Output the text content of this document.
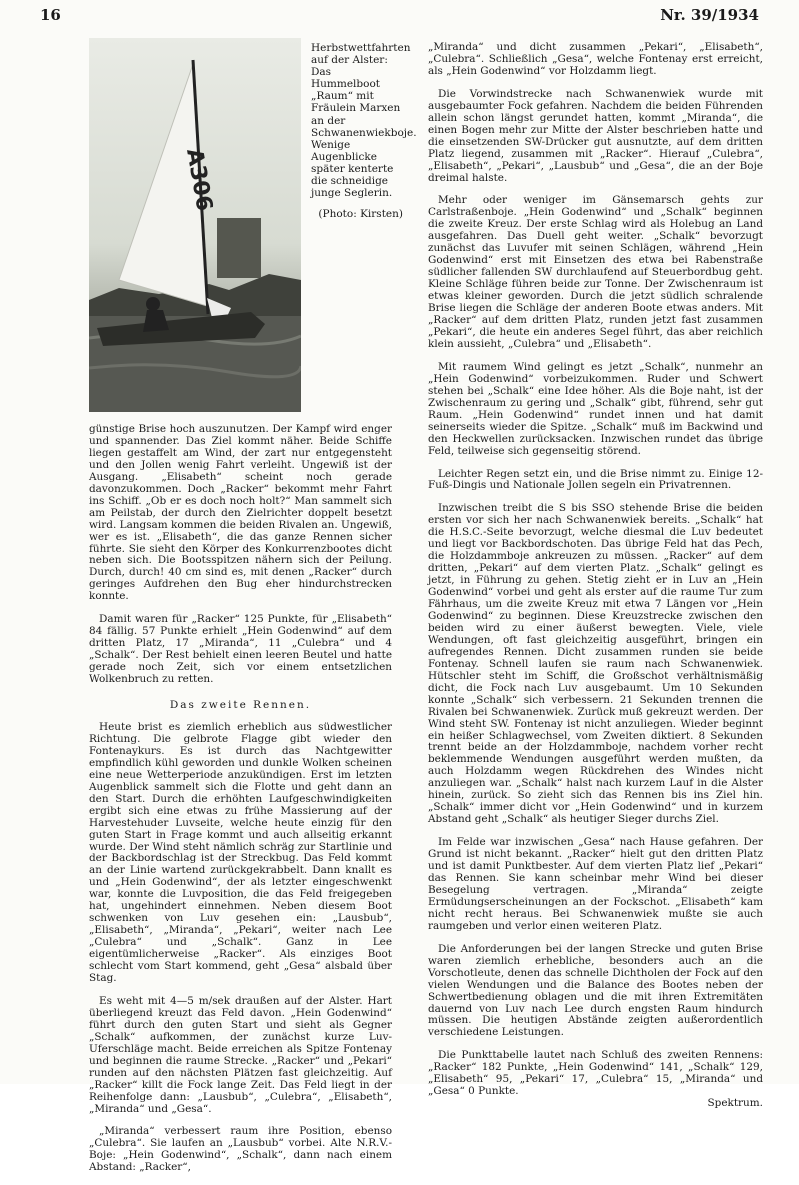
16	Nr. 39/1934
A306

Herbstwettfahrten auf der Alster: Das Hummelboot „Raum“ mit Fräulein Marxen an der Schwanenwiekboje. Wenige Augenblicke später kenterte die schneidige junge Seglerin.

(Photo: Kirsten)

günstige Brise hoch auszunutzen. Der Kampf wird enger und spannender. Das Ziel kommt näher. Beide Schiffe liegen gestaffelt am Wind, der zart nur entgegensteht und den Jollen wenig Fahrt verleiht. Ungewiß ist der Ausgang. „Elisabeth“ scheint noch gerade davonzukommen. Doch „Racker“ bekommt mehr Fahrt ins Schiff. „Ob er es doch noch holt?“ Man sammelt sich am Peilstab, der durch den Zielrichter doppelt besetzt wird. Langsam kommen die beiden Rivalen an. Ungewiß, wer es ist. „Elisabeth“, die das ganze Rennen sicher führte. Sie sieht den Körper des Konkurrenzbootes dicht neben sich. Die Bootsspitzen nähern sich der Peilung. Durch, durch! 40 cm sind es, mit denen „Racker“ durch geringes Aufdrehen den Bug eher hindurchstrecken konnte.

Damit waren für „Racker“ 125 Punkte, für „Elisabeth“ 84 fällig. 57 Punkte erhielt „Hein Godenwind“ auf dem dritten Platz, 17 „Miranda“, 11 „Culebra“ und 4 „Schalk“. Der Rest behielt einen leeren Beutel und hatte gerade noch Zeit, sich vor einem entsetzlichen Wolkenbruch zu retten.

Das zweite Rennen.

Heute brist es ziemlich erheblich aus südwestlicher Richtung. Die gelbrote Flagge gibt wieder den Fontenaykurs. Es ist durch das Nachtgewitter empfindlich kühl geworden und dunkle Wolken scheinen eine neue Wetterperiode anzukündigen. Erst im letzten Augenblick sammelt sich die Flotte und geht dann an den Start. Durch die erhöhten Laufgeschwindigkeiten ergibt sich eine etwas zu frühe Massierung auf der Harvestehuder Luvseite, welche heute einzig für den guten Start in Frage kommt und auch allseitig erkannt wurde. Der Wind steht nämlich schräg zur Startlinie und der Backbordschlag ist der Streckbug. Das Feld kommt an der Linie wartend zurückgekrabbelt. Dann knallt es und „Hein Godenwind“, der als letzter eingeschwenkt war, konnte die Luvposition, die das Feld freigegeben hat, ungehindert einnehmen. Neben diesem Boot schwenken von Luv gesehen ein: „Lausbub“, „Elisabeth“, „Miranda“, „Pekari“, weiter nach Lee „Culebra“ und „Schalk“. Ganz in Lee eigentümlicherweise „Racker“. Als einziges Boot schlecht vom Start kommend, geht „Gesa“ alsbald über Stag.

Es weht mit 4—5 m/sek draußen auf der Alster. Hart überliegend kreuzt das Feld davon. „Hein Godenwind“ führt durch den guten Start und sieht als Gegner „Schalk“ aufkommen, der zunächst kurze Luv-Uferschläge macht. Beide erreichen als Spitze Fontenay und beginnen die raume Strecke. „Racker“ und „Pekari“ runden auf den nächsten Plätzen fast gleichzeitig. Auf „Racker“ killt die Fock lange Zeit. Das Feld liegt in der Reihenfolge dann: „Lausbub“, „Culebra“, „Elisabeth“, „Miranda“ und „Gesa“.

„Miranda“ verbessert raum ihre Position, ebenso „Culebra“. Sie laufen an „Lausbub“ vorbei. Alte N.R.V.-Boje: „Hein Godenwind“, „Schalk“, dann nach einem Abstand: „Racker“,

„Miranda“ und dicht zusammen „Pekari“, „Elisabeth“, „Culebra“. Schließlich „Gesa“, welche Fontenay erst erreicht, als „Hein Godenwind“ vor Holzdamm liegt.

Die Vorwindstrecke nach Schwanenwiek wurde mit ausgebaumter Fock gefahren. Nachdem die beiden Führenden allein schon längst gerundet hatten, kommt „Miranda“, die einen Bogen mehr zur Mitte der Alster beschrieben hatte und die einsetzenden SW-Drücker gut ausnutzte, auf dem dritten Platz liegend, zusammen mit „Racker“. Hierauf „Culebra“, „Elisabeth“, „Pekari“, „Lausbub“ und „Gesa“, die an der Boje dreimal halste.

Mehr oder weniger im Gänsemarsch gehts zur Carlstraßenboje. „Hein Godenwind“ und „Schalk“ beginnen die zweite Kreuz. Der erste Schlag wird als Holebug an Land ausgefahren. Das Duell geht weiter. „Schalk“ bevorzugt zunächst das Luvufer mit seinen Schlägen, während „Hein Godenwind“ erst mit Einsetzen des etwa bei Rabenstraße südlicher fallenden SW durchlaufend auf Steuerbordbug geht. Kleine Schläge führen beide zur Tonne. Der Zwischenraum ist etwas kleiner geworden. Durch die jetzt südlich schralende Brise liegen die Schläge der anderen Boote etwas anders. Mit „Racker“ auf dem dritten Platz, runden jetzt fast zusammen „Pekari“, die heute ein anderes Segel führt, das aber reichlich klein aussieht, „Culebra“ und „Elisabeth“.

Mit raumem Wind gelingt es jetzt „Schalk“, nunmehr an „Hein Godenwind“ vorbeizukommen. Ruder und Schwert stehen bei „Schalk“ eine Idee höher. Als die Boje naht, ist der Zwischenraum zu gering und „Schalk“ gibt, führend, sehr gut Raum. „Hein Godenwind“ rundet innen und hat damit seinerseits wieder die Spitze. „Schalk“ muß im Backwind und den Heckwellen zurücksacken. Inzwischen rundet das übrige Feld, teilweise sich gegenseitig störend.

Leichter Regen setzt ein, und die Brise nimmt zu. Einige 12-Fuß-Dingis und Nationale Jollen segeln ein Privatrennen.

Inzwischen treibt die S bis SSO stehende Brise die beiden ersten vor sich her nach Schwanenwiek bereits. „Schalk“ hat die H.S.C.-Seite bevorzugt, welche diesmal die Luv bedeutet und liegt vor Backbordschoten. Das übrige Feld hat das Pech, die Holzdammboje ankreuzen zu müssen. „Racker“ auf dem dritten, „Pekari“ auf dem vierten Platz. „Schalk“ gelingt es jetzt, in Führung zu gehen. Stetig zieht er in Luv an „Hein Godenwind“ vorbei und geht als erster auf die raume Tur zum Fährhaus, um die zweite Kreuz mit etwa 7 Längen vor „Hein Godenwind“ zu beginnen. Diese Kreuzstrecke zwischen den beiden wird zu einer äußerst bewegten. Viele, viele Wendungen, oft fast gleichzeitig ausgeführt, bringen ein aufregendes Rennen. Dicht zusammen runden sie beide Fontenay. Schnell laufen sie raum nach Schwanenwiek. Hütschler steht im Schiff, die Großschot verhältnismäßig dicht, die Fock nach Luv ausgebaumt. Um 10 Sekunden konnte „Schalk“ sich verbessern. 21 Sekunden trennen die Rivalen bei Schwanenwiek. Zurück muß gekreuzt werden. Der Wind steht SW. Fontenay ist nicht anzuliegen. Wieder beginnt ein heißer Schlagwechsel, vom Zweiten diktiert. 8 Sekunden trennt beide an der Holzdammboje, nachdem vorher recht beklemmende Wendungen ausgeführt werden mußten, da auch Holzdamm wegen Rückdrehen des Windes nicht anzuliegen war. „Schalk“ halst nach kurzem Lauf in die Alster hinein, zurück. So zieht sich das Rennen bis ins Ziel hin. „Schalk“ immer dicht vor „Hein Godenwind“ und in kurzem Abstand geht „Schalk“ als heutiger Sieger durchs Ziel.

Im Felde war inzwischen „Gesa“ nach Hause gefahren. Der Grund ist nicht bekannt. „Racker“ hielt gut den dritten Platz und ist damit Punktbester. Auf dem vierten Platz lief „Pekari“ das Rennen. Sie kann scheinbar mehr Wind bei dieser Besegelung vertragen. „Miranda“ zeigte Ermüdungserscheinungen an der Fockschot. „Elisabeth“ kam nicht recht heraus. Bei Schwanenwiek mußte sie auch raumgeben und verlor einen weiteren Platz.

Die Anforderungen bei der langen Strecke und guten Brise waren ziemlich erhebliche, besonders auch an die Vorschotleute, denen das schnelle Dichtholen der Fock auf den vielen Wendungen und die Balance des Bootes neben der Schwertbedienung oblagen und die mit ihren Extremitäten dauernd von Luv nach Lee durch engsten Raum hindurch müssen. Die heutigen Abstände zeigten außerordentlich verschiedene Leistungen.

Die Punkttabelle lautet nach Schluß des zweiten Rennens: „Racker“ 182 Punkte, „Hein Godenwind“ 141, „Schalk“ 129, „Elisabeth“ 95, „Pekari“ 17, „Culebra“ 15, „Miranda“ und „Gesa“ 0 Punkte.

Spektrum.
